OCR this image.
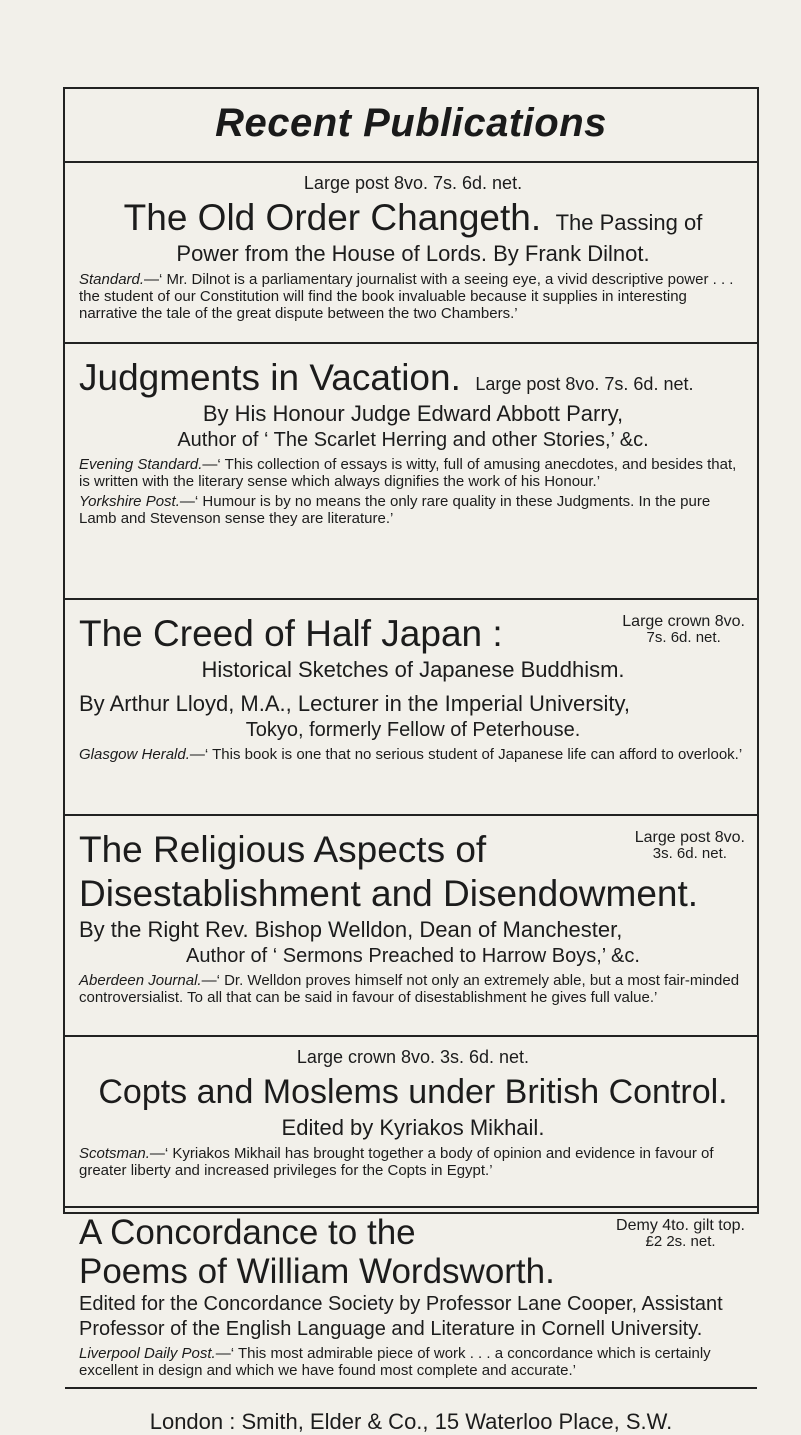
Recent Publications
Large post 8vo. 7s. 6d. net.
The Old Order Changeth. The Passing of
Power from the House of Lords. By Frank Dilnot.
Standard.—‘ Mr. Dilnot is a parliamentary journalist with a seeing eye, a vivid descriptive power . . . the student of our Constitution will find the book invaluable because it supplies in interesting narrative the tale of the great dispute between the two Chambers.’
Judgments in Vacation. Large post 8vo. 7s. 6d. net.
By His Honour Judge Edward Abbott Parry,
Author of ‘ The Scarlet Herring and other Stories,’ &c.
Evening Standard.—‘ This collection of essays is witty, full of amusing anecdotes, and besides that, is written with the literary sense which always dignifies the work of his Honour.’
Yorkshire Post.—‘ Humour is by no means the only rare quality in these Judgments. In the pure Lamb and Stevenson sense they are literature.’
Large crown 8vo.
7s. 6d. net.
The Creed of Half Japan :
Historical Sketches of Japanese Buddhism.
By Arthur Lloyd, M.A., Lecturer in the Imperial University,
Tokyo, formerly Fellow of Peterhouse.
Glasgow Herald.—‘ This book is one that no serious student of Japanese life can afford to overlook.’
Large post 8vo.
3s. 6d. net.
The Religious Aspects of
Disestablishment and Disendowment.
By the Right Rev. Bishop Welldon, Dean of Manchester,
Author of ‘ Sermons Preached to Harrow Boys,’ &c.
Aberdeen Journal.—‘ Dr. Welldon proves himself not only an extremely able, but a most fair-minded controversialist. To all that can be said in favour of disestablishment he gives full value.’
Large crown 8vo. 3s. 6d. net.
Copts and Moslems under British Control.
Edited by Kyriakos Mikhail.
Scotsman.—‘ Kyriakos Mikhail has brought together a body of opinion and evidence in favour of greater liberty and increased privileges for the Copts in Egypt.’
Demy 4to. gilt top.
£2 2s. net.
A Concordance to the
Poems of William Wordsworth.
Edited for the Concordance Society by Professor Lane Cooper, Assistant Professor of the English Language and Literature in Cornell University.
Liverpool Daily Post.—‘ This most admirable piece of work . . . a concordance which is certainly excellent in design and which we have found most complete and accurate.’
London : Smith, Elder & Co., 15 Waterloo Place, S.W.
